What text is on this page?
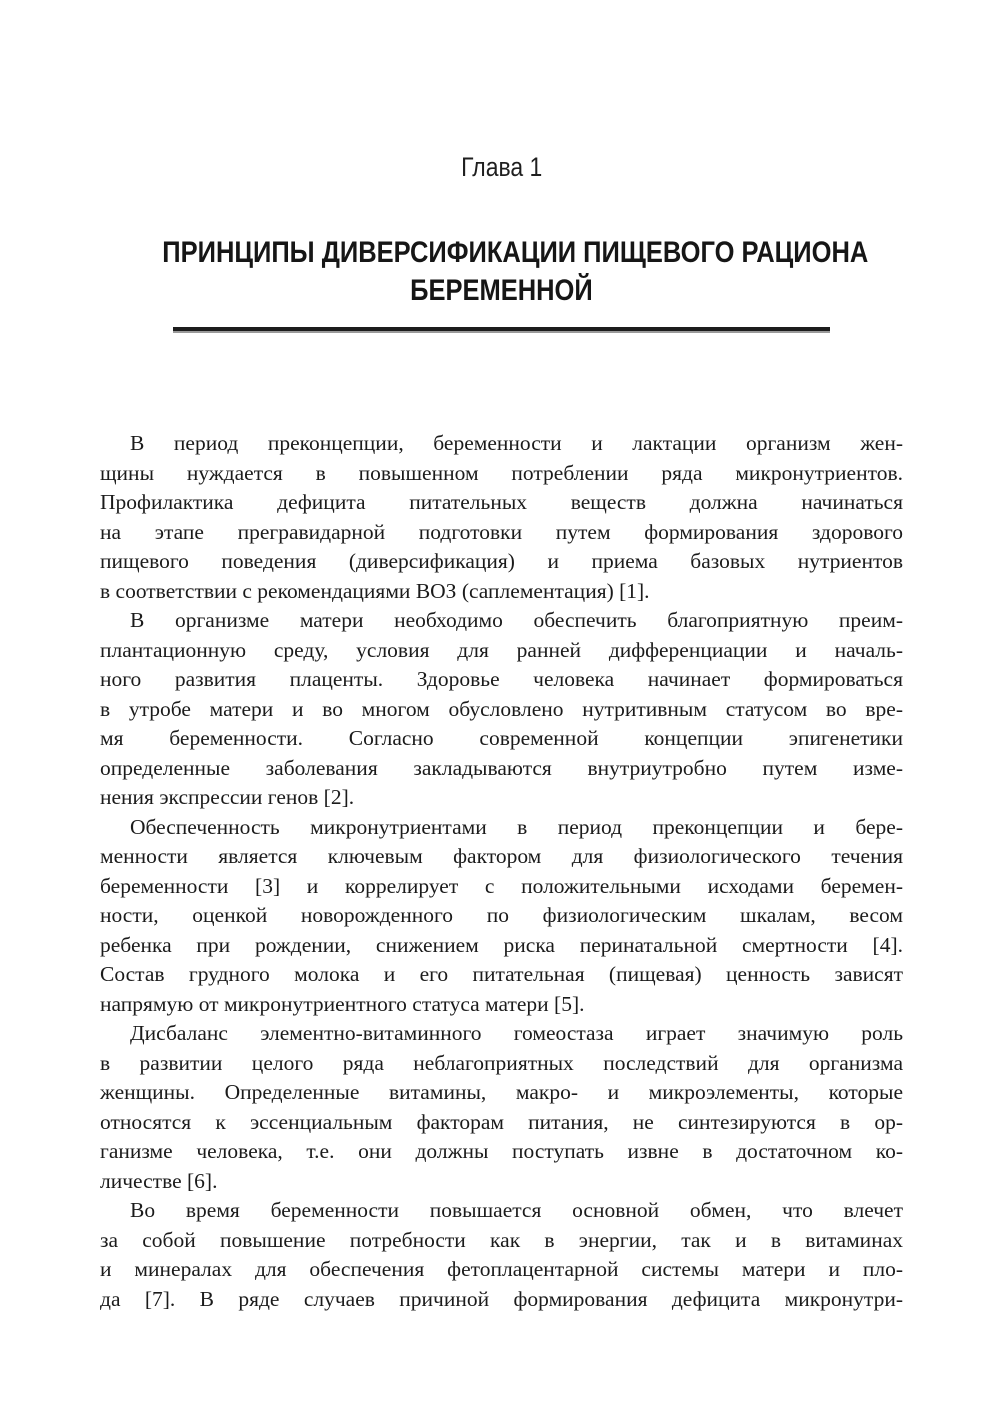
Глава 1
ПРИНЦИПЫ ДИВЕРСИФИКАЦИИ ПИЩЕВОГО РАЦИОНА
БЕРЕМЕННОЙ

В период преконцепции, беременности и лактации организм жен-
щины нуждается в повышенном потреблении ряда микронутриентов.
Профилактика дефицита питательных веществ должна начинаться
на этапе прегравидарной подготовки путем формирования здорового
пищевого поведения (диверсификация) и приема базовых нутриентов
в соответствии с рекомендациями ВОЗ (саплементация) [1].

В организме матери необходимо обеспечить благоприятную преим-
плантационную среду, условия для ранней дифференциации и началь-
ного развития плаценты. Здоровье человека начинает формироваться
в утробе матери и во многом обусловлено нутритивным статусом во вре-
мя беременности. Согласно современной концепции эпигенетики
определенные заболевания закладываются внутриутробно путем изме-
нения экспрессии генов [2].

Обеспеченность микронутриентами в период преконцепции и бере-
менности является ключевым фактором для физиологического течения
беременности [3] и коррелирует с положительными исходами беремен-
ности, оценкой новорожденного по физиологическим шкалам, весом
ребенка при рождении, снижением риска перинатальной смертности [4].
Состав грудного молока и его питательная (пищевая) ценность зависят
напрямую от микронутриентного статуса матери [5].

Дисбаланс элементно-витаминного гомеостаза играет значимую роль
в развитии целого ряда неблагоприятных последствий для организма
женщины. Определенные витамины, макро- и микроэлементы, которые
относятся к эссенциальным факторам питания, не синтезируются в ор-
ганизме человека, т.е. они должны поступать извне в достаточном ко-
личестве [6].

Во время беременности повышается основной обмен, что влечет
за собой повышение потребности как в энергии, так и в витаминах
и минералах для обеспечения фетоплацентарной системы матери и пло-
да [7]. В ряде случаев причиной формирования дефицита микронутри-
